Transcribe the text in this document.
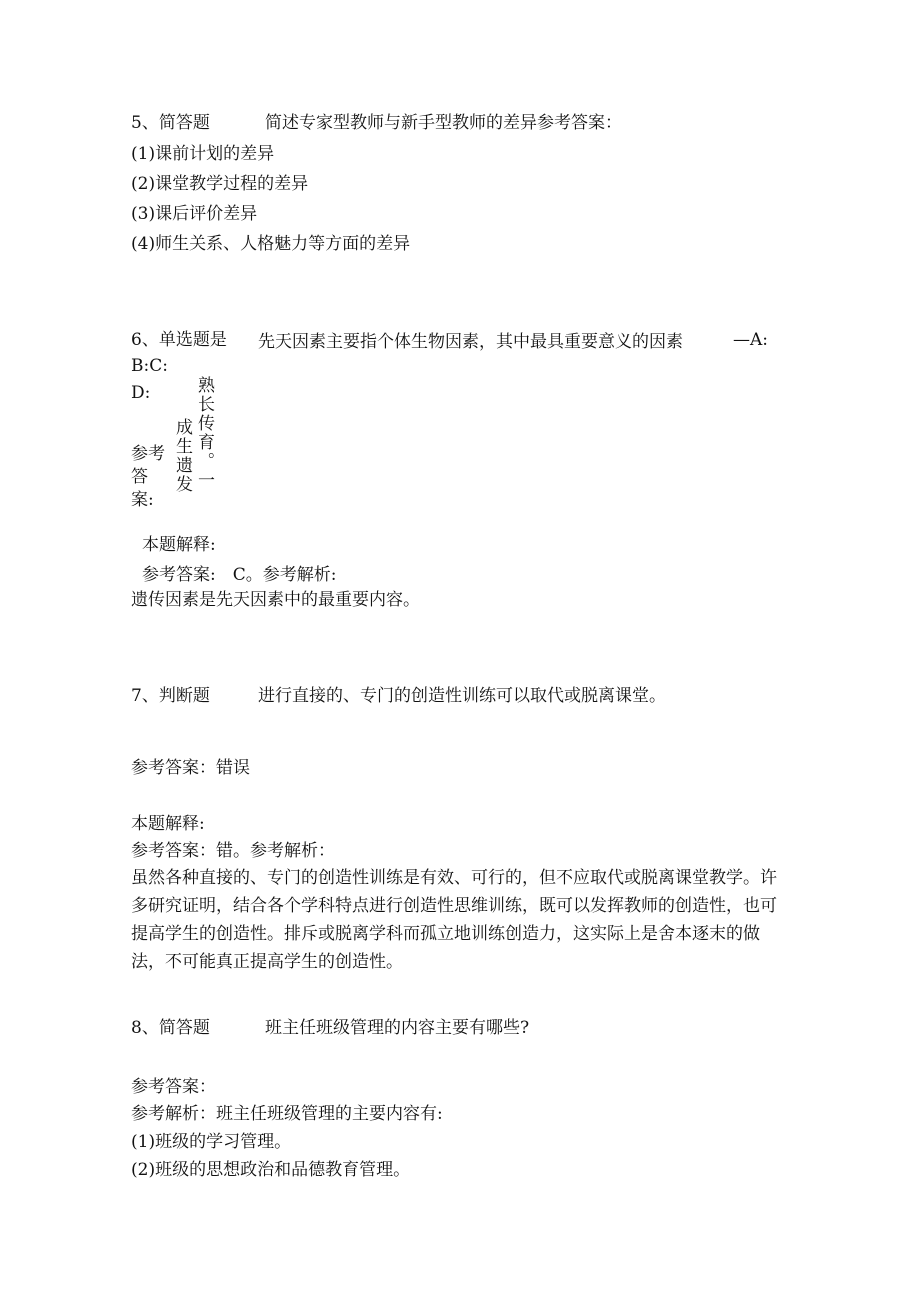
5、简答题	简述专家型教师与新手型教师的差异参考答案：
(1)课前计划的差异
(2)课堂教学过程的差异
(3)课后评价差异
(4)师生关系、人格魅力等方面的差异
6、单选题是 先天因素主要指个体生物因素，其中最具重要意义的因素	—A:
B:C:
D:
成生遗发 熟长传育。一
参考
答
案:
本题解释:
参考答案:　C。参考解析:
遗传因素是先天因素中的最重要内容。
7、判断题	进行直接的、专门的创造性训练可以取代或脱离课堂。
参考答案：错误
本题解释:
参考答案：错。参考解析：
虽然各种直接的、专门的创造性训练是有效、可行的，但不应取代或脱离课堂教学。许多研究证明，结合各个学科特点进行创造性思维训练，既可以发挥教师的创造性，也可提高学生的创造性。排斥或脱离学科而孤立地训练创造力，这实际上是舍本逐末的做法，不可能真正提高学生的创造性。
8、简答题	班主任班级管理的内容主要有哪些?
参考答案：
参考解析：班主任班级管理的主要内容有:
(1)班级的学习管理。
(2)班级的思想政治和品德教育管理。
